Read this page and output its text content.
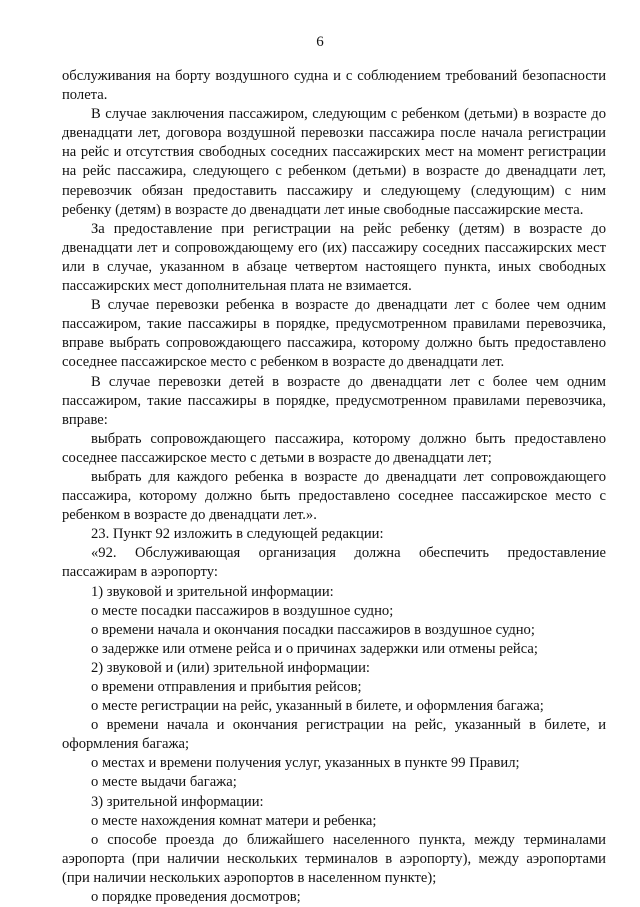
6

обслуживания на борту воздушного судна и с соблюдением требований безопасности полета.

В случае заключения пассажиром, следующим с ребенком (детьми) в возрасте до двенадцати лет, договора воздушной перевозки пассажира после начала регистрации на рейс и отсутствия свободных соседних пассажирских мест на момент регистрации на рейс пассажира, следующего с ребенком (детьми) в возрасте до двенадцати лет, перевозчик обязан предоставить пассажиру и следующему (следующим) с ним ребенку (детям) в возрасте до двенадцати лет иные свободные пассажирские места.

За предоставление при регистрации на рейс ребенку (детям) в возрасте до двенадцати лет и сопровождающему его (их) пассажиру соседних пассажирских мест или в случае, указанном в абзаце четвертом настоящего пункта, иных свободных пассажирских мест дополнительная плата не взимается.

В случае перевозки ребенка в возрасте до двенадцати лет с более чем одним пассажиром, такие пассажиры в порядке, предусмотренном правилами перевозчика, вправе выбрать сопровождающего пассажира, которому должно быть предоставлено соседнее пассажирское место с ребенком в возрасте до двенадцати лет.

В случае перевозки детей в возрасте до двенадцати лет с более чем одним пассажиром, такие пассажиры в порядке, предусмотренном правилами перевозчика, вправе:

выбрать сопровождающего пассажира, которому должно быть предоставлено соседнее пассажирское место с детьми в возрасте до двенадцати лет;

выбрать для каждого ребенка в возрасте до двенадцати лет сопровождающего пассажира, которому должно быть предоставлено соседнее пассажирское место с ребенком в возрасте до двенадцати лет.».

23. Пункт 92 изложить в следующей редакции:

«92. Обслуживающая организация должна обеспечить предоставление пассажирам в аэропорту:

1) звуковой и зрительной информации:

о месте посадки пассажиров в воздушное судно;

о времени начала и окончания посадки пассажиров в воздушное судно;

о задержке или отмене рейса и о причинах задержки или отмены рейса;

2) звуковой и (или) зрительной информации:

о времени отправления и прибытия рейсов;

о месте регистрации на рейс, указанный в билете, и оформления багажа;

о времени начала и окончания регистрации на рейс, указанный в билете, и оформления багажа;

о местах и времени получения услуг, указанных в пункте 99 Правил;

о месте выдачи багажа;

3) зрительной информации:

о месте нахождения комнат матери и ребенка;

о способе проезда до ближайшего населенного пункта, между терминалами аэропорта (при наличии нескольких терминалов в аэропорту), между аэропортами (при наличии нескольких аэропортов в населенном пункте);

о порядке проведения досмотров;
